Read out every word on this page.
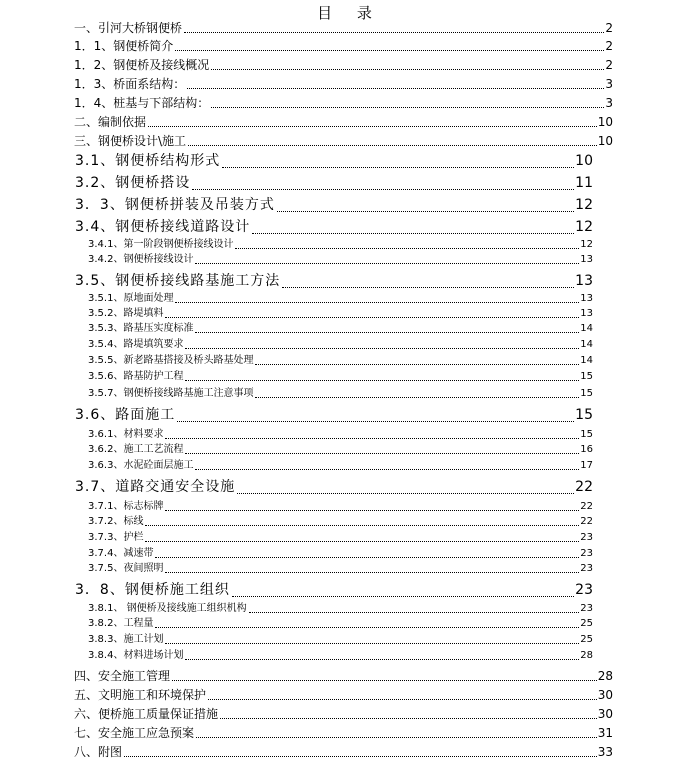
目 录
一、引河大桥钢便桥	2
1．1、钢便桥简介	2
1．2、钢便桥及接线概况	2
1．3、桥面系结构：	3
1．4、桩基与下部结构：	3
二、编制依据	10
三、钢便桥设计\施工	10
3.1、钢便桥结构形式	10
3.2、钢便桥搭设	11
3．3、钢便桥拼装及吊装方式	12
3.4、钢便桥接线道路设计	12
3.4.1、第一阶段钢便桥接线设计	12
3.4.2、钢便桥接线设计	13
3.5、钢便桥接线路基施工方法	13
3.5.1、原地面处理	13
3.5.2、路堤填料	13
3.5.3、路基压实度标准	14
3.5.4、路堤填筑要求	14
3.5.5、新老路基搭接及桥头路基处理	14
3.5.6、路基防护工程	15
3.5.7、钢便桥接线路基施工注意事项	15
3.6、路面施工	15
3.6.1、材料要求	15
3.6.2、施工工艺流程	16
3.6.3、水泥砼面层施工	17
3.7、道路交通安全设施	22
3.7.1、标志标牌	22
3.7.2、标线	22
3.7.3、护栏	23
3.7.4、减速带	23
3.7.5、夜间照明	23
3．8、钢便桥施工组织	23
3.8.1、 钢便桥及接线施工组织机构	23
3.8.2、工程量	25
3.8.3、施工计划	25
3.8.4、材料进场计划	28
四、安全施工管理	28
五、文明施工和环境保护	30
六、便桥施工质量保证措施	30
七、安全施工应急预案	31
八、附图	33
